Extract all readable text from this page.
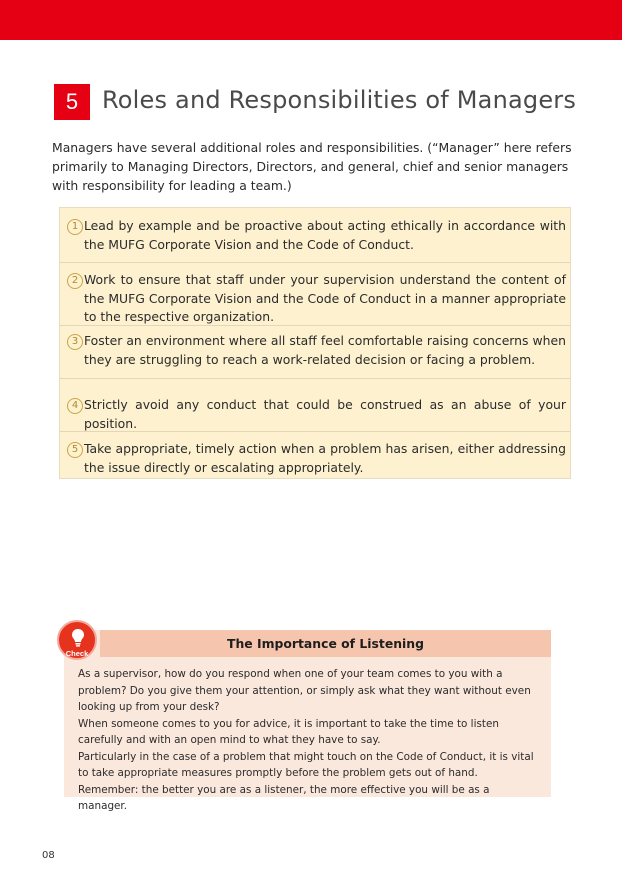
5 Roles and Responsibilities of Managers

Managers have several additional roles and responsibilities. (“Manager” here refers primarily to Managing Directors, Directors, and general, chief and senior managers with responsibility for leading a team.)

1 Lead by example and be proactive about acting ethically in accordance with the MUFG Corporate Vision and the Code of Conduct.

2 Work to ensure that staff under your supervision understand the content of the MUFG Corporate Vision and the Code of Conduct in a manner appropriate to the respective organization.

3 Foster an environment where all staff feel comfortable raising concerns when they are struggling to reach a work-related decision or facing a problem.

4 Strictly avoid any conduct that could be construed as an abuse of your position.

5 Take appropriate, timely action when a problem has arisen, either addressing the issue directly or escalating appropriately.

The Importance of Listening

As a supervisor, how do you respond when one of your team comes to you with a problem? Do you give them your attention, or simply ask what they want without even looking up from your desk?

When someone comes to you for advice, it is important to take the time to listen carefully and with an open mind to what they have to say.

Particularly in the case of a problem that might touch on the Code of Conduct, it is vital to take appropriate measures promptly before the problem gets out of hand. Remember: the better you are as a listener, the more effective you will be as a manager.

Check
08
